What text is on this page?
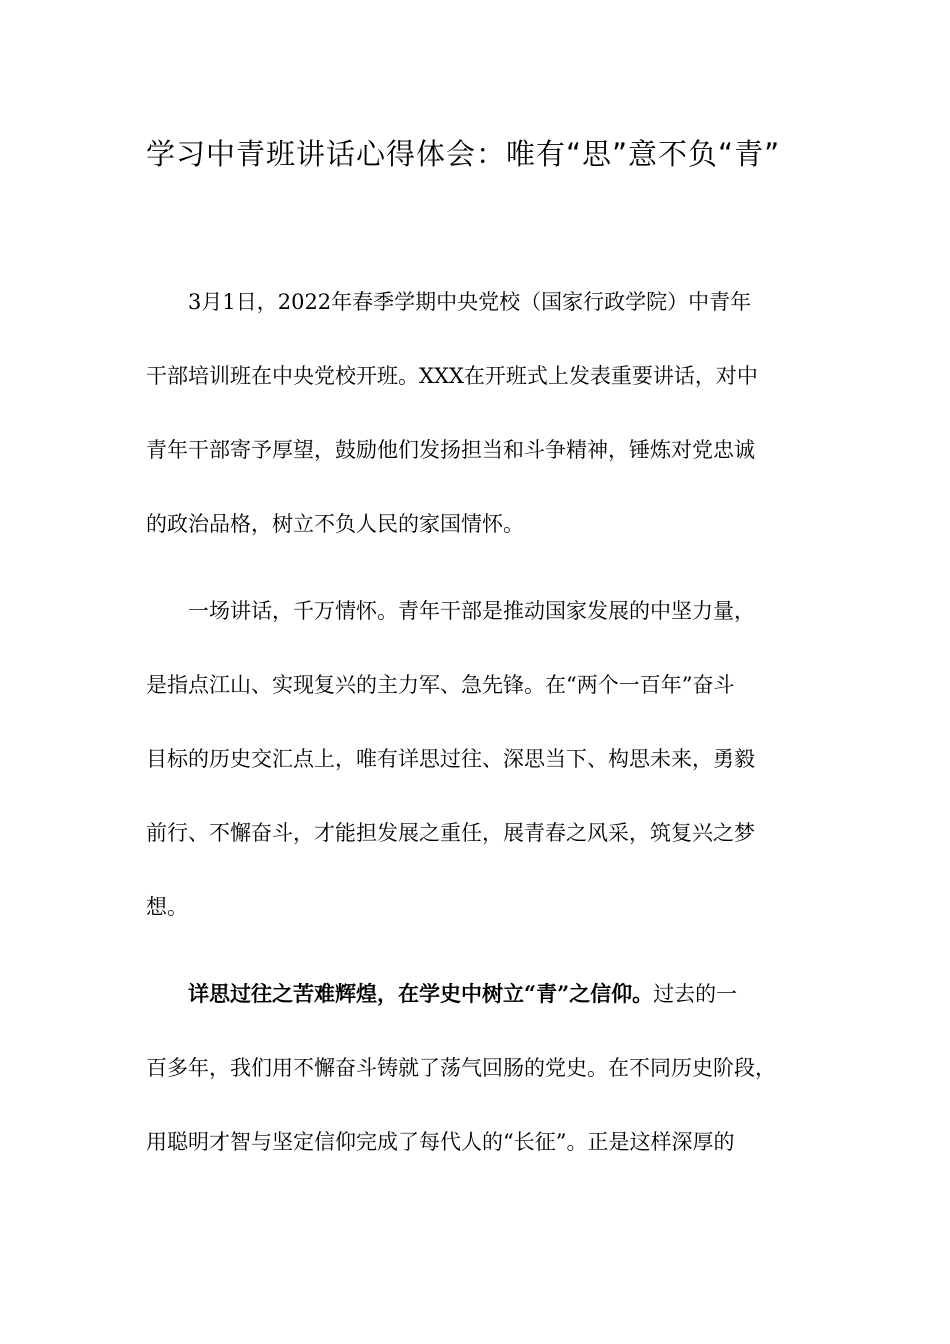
学习中青班讲话心得体会：唯有“思”意不负“青”
3月1日，2022年春季学期中央党校（国家行政学院）中青年
干部培训班在中央党校开班。XXX在开班式上发表重要讲话，对中
青年干部寄予厚望，鼓励他们发扬担当和斗争精神，锤炼对党忠诚
的政治品格，树立不负人民的家国情怀。
一场讲话，千万情怀。青年干部是推动国家发展的中坚力量，
是指点江山、实现复兴的主力军、急先锋。在“两个一百年”奋斗
目标的历史交汇点上，唯有详思过往、深思当下、构思未来，勇毅
前行、不懈奋斗，才能担发展之重任，展青春之风采，筑复兴之梦
想。
详思过往之苦难辉煌，在学史中树立“青”之信仰。过去的一
百多年，我们用不懈奋斗铸就了荡气回肠的党史。在不同历史阶段，
用聪明才智与坚定信仰完成了每代人的“长征”。正是这样深厚的
